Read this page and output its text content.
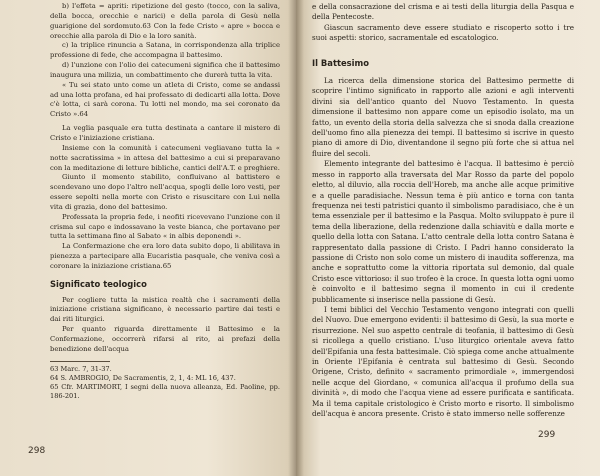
b) l'effeta = apriti: ripetizione del gesto (tocco, con la saliva, della bocca, orecchie e narici) e della parola di Gesù nella guarigione del sordomuto.63 Con la fede Cristo « apre » bocca e orecchie alla parola di Dio e la loro sanità.

c) la triplice rinuncia a Satana, in corrispondenza alla triplice professione di fede, che accompagna il battesimo.

d) l'unzione con l'olio dei catecumeni significa che il battesimo inaugura una milizia, un combattimento che durerà tutta la vita.

« Tu sei stato unto come un atleta di Cristo, come se andassi ad una lotta profana, ed hai professato di dedicarti alla lotta. Dove c'è lotta, ci sarà corona. Tu lotti nel mondo, ma sei coronato da Cristo ».64

La veglia pasquale era tutta destinata a cantare il mistero di Cristo e l'iniziazione cristiana.

Insieme con la comunità i catecumeni vegliavano tutta la « notte sacratissima » in attesa del battesimo a cui si preparavano con la meditazione di letture bibliche, cantici dell'A.T. e preghiere.

Giunto il momento stabilito, confluivano al battistero e scendevano uno dopo l'altro nell'acqua, spogli delle loro vesti, per essere sepolti nella morte con Cristo e risuscitare con Lui nella vita di grazia, dono del battesimo.

Professata la propria fede, i neofiti ricevevano l'unzione con il crisma sul capo e indossavano la veste bianca, che portavano per tutta la settimana fino al Sabato « in albis deponendi ».

La Confermazione che era loro data subito dopo, li abilitava in pienezza a partecipare alla Eucaristia pasquale, che veniva così a coronare la iniziazione cristiana.65

Significato teologico

Per cogliere tutta la mistica realtà che i sacramenti della iniziazione cristiana significano, è necessario partire dai testi e dai riti liturgici.

Per quanto riguarda direttamente il Battesimo e la Confermazione, occorrerà rifarsi al rito, ai prefazi della benedizione dell'acqua

63 Marc. 7, 31-37.

64 S. AMBROGIO, De Sacramentis, 2, 1, 4: ML 16, 437.

65 Cfr. MARTIMORT, I segni della nuova alleanza, Ed. Paoline, pp. 186-201.

298

e della consacrazione del crisma e ai testi della liturgia della Pasqua e della Pentecoste.

Giascun sacramento deve essere studiato e riscoperto sotto i tre suoi aspetti: storico, sacramentale ed escatologico.

Il Battesimo

La ricerca della dimensione storica del Battesimo permette di scoprire l'intimo significato in rapporto alle azioni e agli interventi divini sia dell'antico quanto del Nuovo Testamento. In questa dimensione il battesimo non appare come un episodio isolato, ma un fatto, un evento della storia della salvezza che si snoda dalla creazione dell'uomo fino alla pienezza dei tempi. Il battesimo si iscrive in questo piano di amore di Dio, diventandone il segno più forte che si attua nel fluire del secoli.

Elemento integrante del battesimo è l'acqua. Il battesimo è perciò messo in rapporto alla traversata del Mar Rosso da parte del popolo eletto, al diluvio, alla roccia dell'Horeb, ma anche alle acque primitive e a quelle paradisiache. Nessun tema è più antico e torna con tanta frequenza nei testi patristici quanto il simbolismo paradisiaco, che è un tema essenziale per il battesimo e la Pasqua. Molto sviluppato è pure il tema della liberazione, della redenzione dalla schiavitù e dalla morte e quello della lotta con Satana. L'atto centrale della lotta contro Satana è rappresentato dalla passione di Cristo. I Padri hanno considerato la passione di Cristo non solo come un mistero di inaudita sofferenza, ma anche e soprattutto come la vittoria riportata sul demonio, dal quale Cristo esce vittorioso: il suo trofeo è la croce. In questa lotta ogni uomo è coinvolto e il battesimo segna il momento in cui il credente pubblicamente si inserisce nella passione di Gesù.

I temi biblici del Vecchio Testamento vengono integrati con quelli del Nuovo. Due emergono evidenti: il battesimo di Gesù, la sua morte e risurrezione. Nel suo aspetto centrale di teofania, il battesimo di Gesù si ricollega a quello cristiano. L'uso liturgico orientale aveva fatto dell'Epifania una festa battesimale. Ciò spiega come anche attualmente in Oriente l'Epifania è centrata sul battesimo di Gesù. Secondo Origene, Cristo, definito « sacramento primordiale », immergendosi nelle acque del Giordano, « comunica all'acqua il profumo della sua divinità », di modo che l'acqua viene ad essere purificata e santificata. Ma il tema capitale cristologico è Cristo morto e risorto. Il simbolismo dell'acqua è ancora presente. Cristo è stato immerso nelle sofferenze

299
